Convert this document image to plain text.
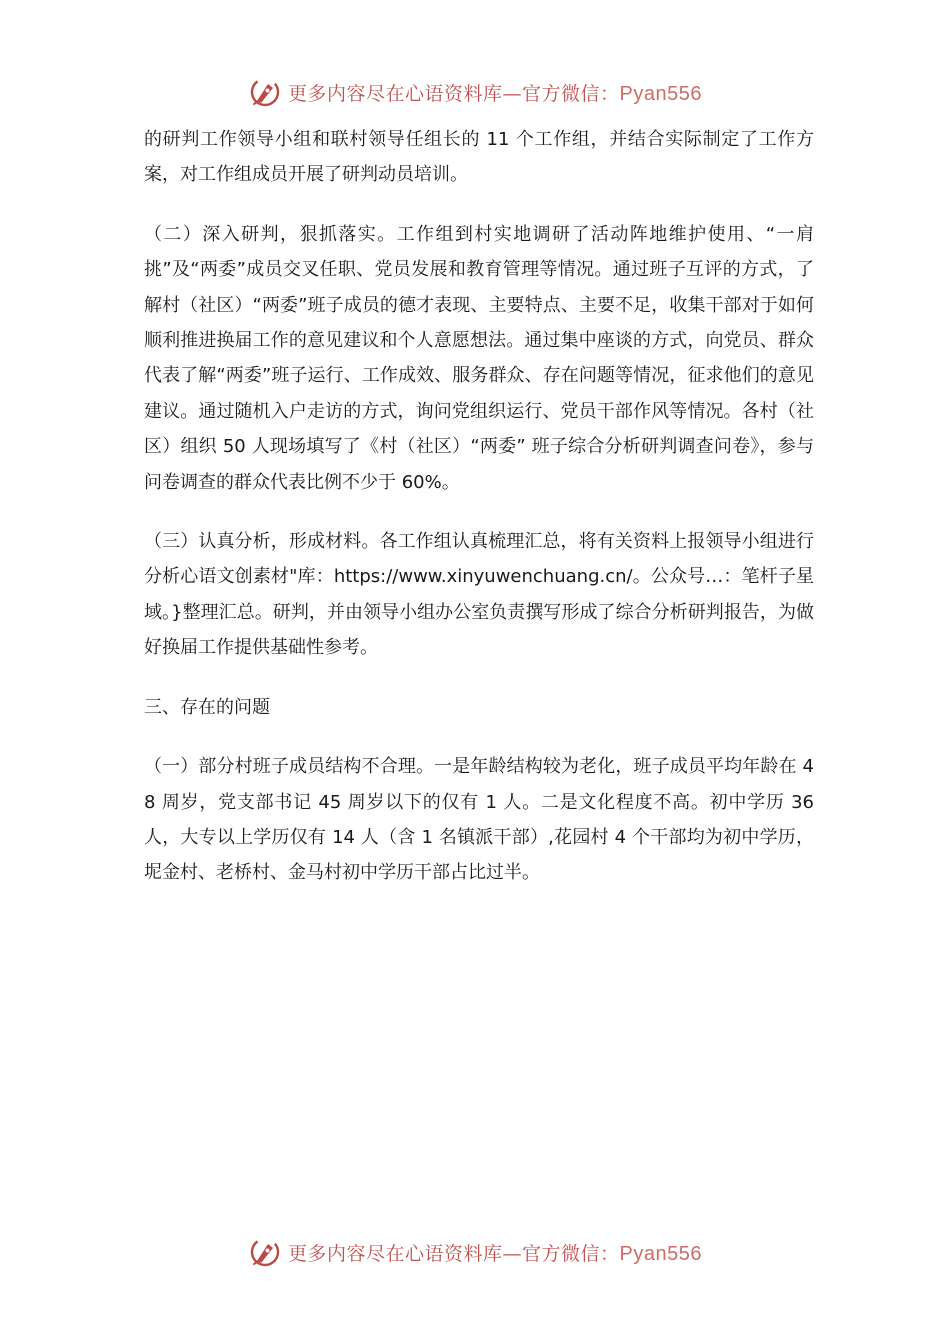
更多内容尽在心语资料库—官方微信：Pyan556

的研判工作领导小组和联村领导任组长的 11 个工作组，并结合实际制定了工作方案，对工作组成员开展了研判动员培训。

（二）深入研判，狠抓落实。工作组到村实地调研了活动阵地维护使用、“一肩挑”及“两委”成员交叉任职、党员发展和教育管理等情况。通过班子互评的方式，了解村（社区）“两委”班子成员的德才表现、主要特点、主要不足，收集干部对于如何顺利推进换届工作的意见建议和个人意愿想法。通过集中座谈的方式，向党员、群众代表了解“两委”班子运行、工作成效、服务群众、存在问题等情况，征求他们的意见建议。通过随机入户走访的方式，询问党组织运行、党员干部作风等情况。各村（社区）组织 50 人现场填写了《村（社区）“两委” 班子综合分析研判调查问卷》，参与问卷调查的群众代表比例不少于 60%。

（三）认真分析，形成材料。各工作组认真梳理汇总，将有关资料上报领导小组进行分析心语文创素材"库：https://www.xinyuwenchuang.cn/。公众号…：笔杆子星域。}整理汇总。研判，并由领导小组办公室负责撰写形成了综合分析研判报告，为做好换届工作提供基础性参考。

三、存在的问题

（一）部分村班子成员结构不合理。一是年龄结构较为老化，班子成员平均年龄在 48 周岁，党支部书记 45 周岁以下的仅有 1 人。二是文化程度不高。初中学历 36 人，大专以上学历仅有 14 人（含 1 名镇派干部）,花园村 4 个干部均为初中学历，坭金村、老桥村、金马村初中学历干部占比过半。

更多内容尽在心语资料库—官方微信：Pyan556
